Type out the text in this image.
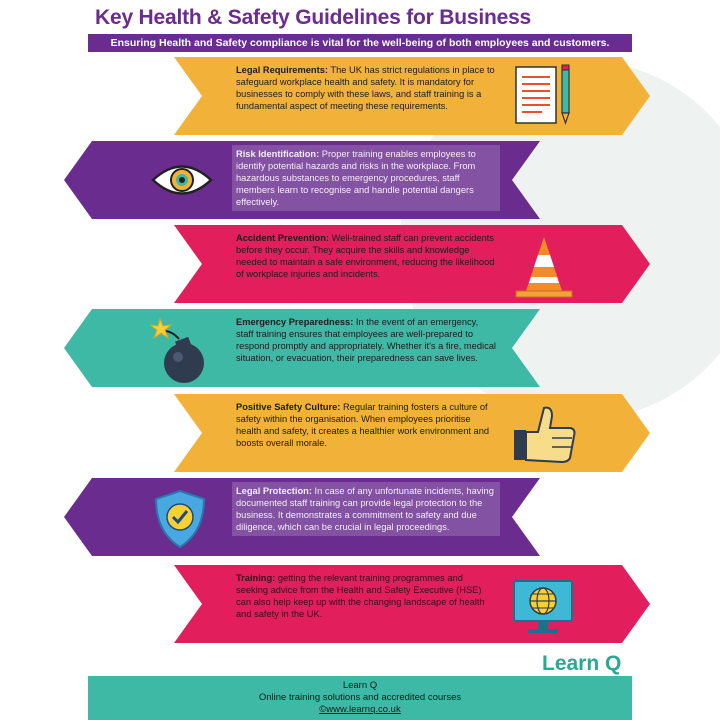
Key Health & Safety Guidelines for Business
Ensuring Health and Safety compliance is vital for the well-being of both employees and customers.
Legal Requirements: The UK has strict regulations in place to safeguard workplace health and safety. It is mandatory for businesses to comply with these laws, and staff training is a fundamental aspect of meeting these requirements.
Risk Identification: Proper training enables employees to identify potential hazards and risks in the workplace. From hazardous substances to emergency procedures, staff members learn to recognise and handle potential dangers effectively.
Accident Prevention: Well-trained staff can prevent accidents before they occur. They acquire the skills and knowledge needed to maintain a safe environment, reducing the likelihood of workplace injuries and incidents.
Emergency Preparedness: In the event of an emergency, staff training ensures that employees are well-prepared to respond promptly and appropriately. Whether it's a fire, medical situation, or evacuation, their preparedness can save lives.
Positive Safety Culture: Regular training fosters a culture of safety within the organisation. When employees prioritise health and safety, it creates a healthier work environment and boosts overall morale.
Legal Protection: In case of any unfortunate incidents, having documented staff training can provide legal protection to the business. It demonstrates a commitment to safety and due diligence, which can be crucial in legal proceedings.
Training: getting the relevant training programmes and seeking advice from the Health and Safety Executive (HSE) can also help keep up with the changing landscape of health and safety in the UK.
Learn Q
Learn Q
Online training solutions and accredited courses
©www.learnq.co.uk
